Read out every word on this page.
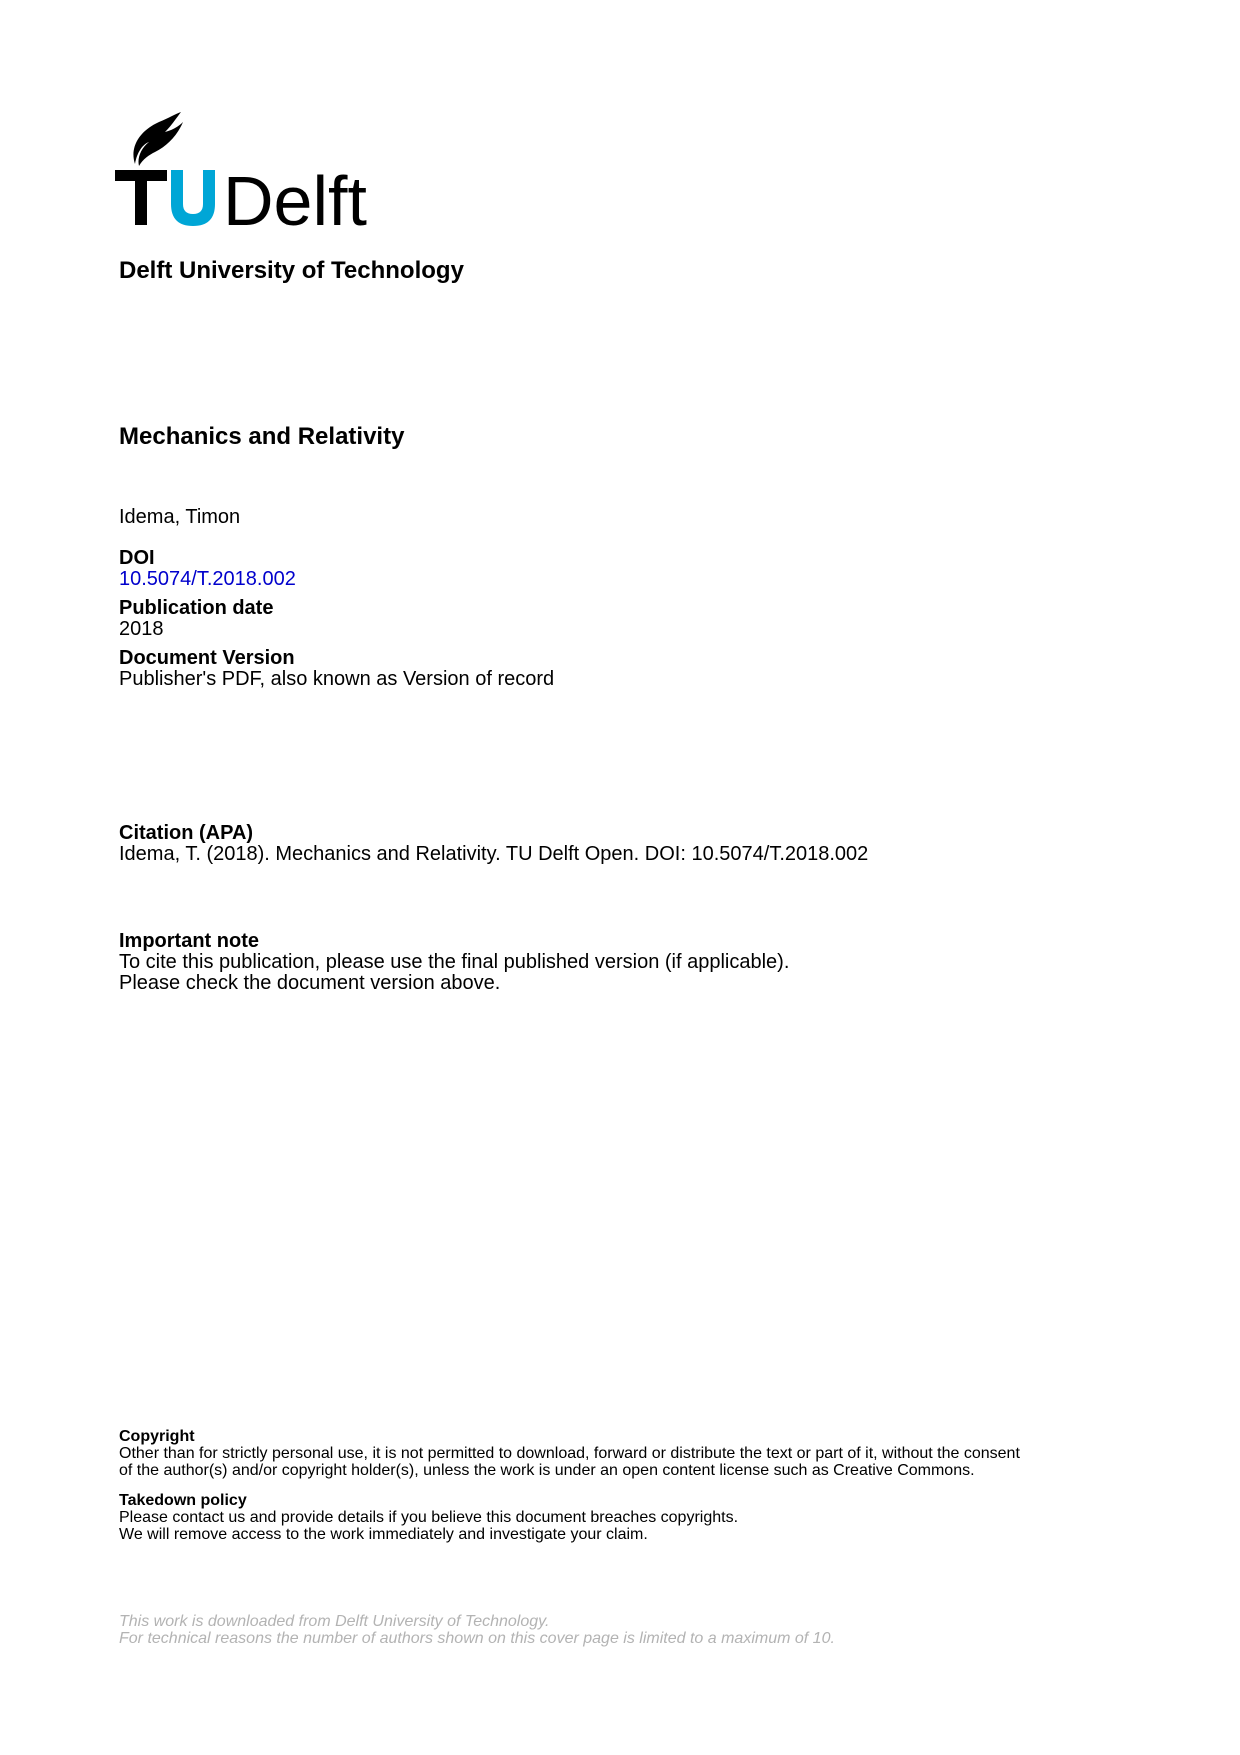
Delft
Delft University of Technology
Mechanics and Relativity
Idema, Timon
DOI
10.5074/T.2018.002
Publication date
2018
Document Version
Publisher's PDF, also known as Version of record
Citation (APA)
Idema, T. (2018). Mechanics and Relativity. TU Delft Open. DOI: 10.5074/T.2018.002
Important note
To cite this publication, please use the final published version (if applicable).
Please check the document version above.
Copyright
Other than for strictly personal use, it is not permitted to download, forward or distribute the text or part of it, without the consent
of the author(s) and/or copyright holder(s), unless the work is under an open content license such as Creative Commons.
Takedown policy
Please contact us and provide details if you believe this document breaches copyrights.
We will remove access to the work immediately and investigate your claim.
This work is downloaded from Delft University of Technology.
For technical reasons the number of authors shown on this cover page is limited to a maximum of 10.
